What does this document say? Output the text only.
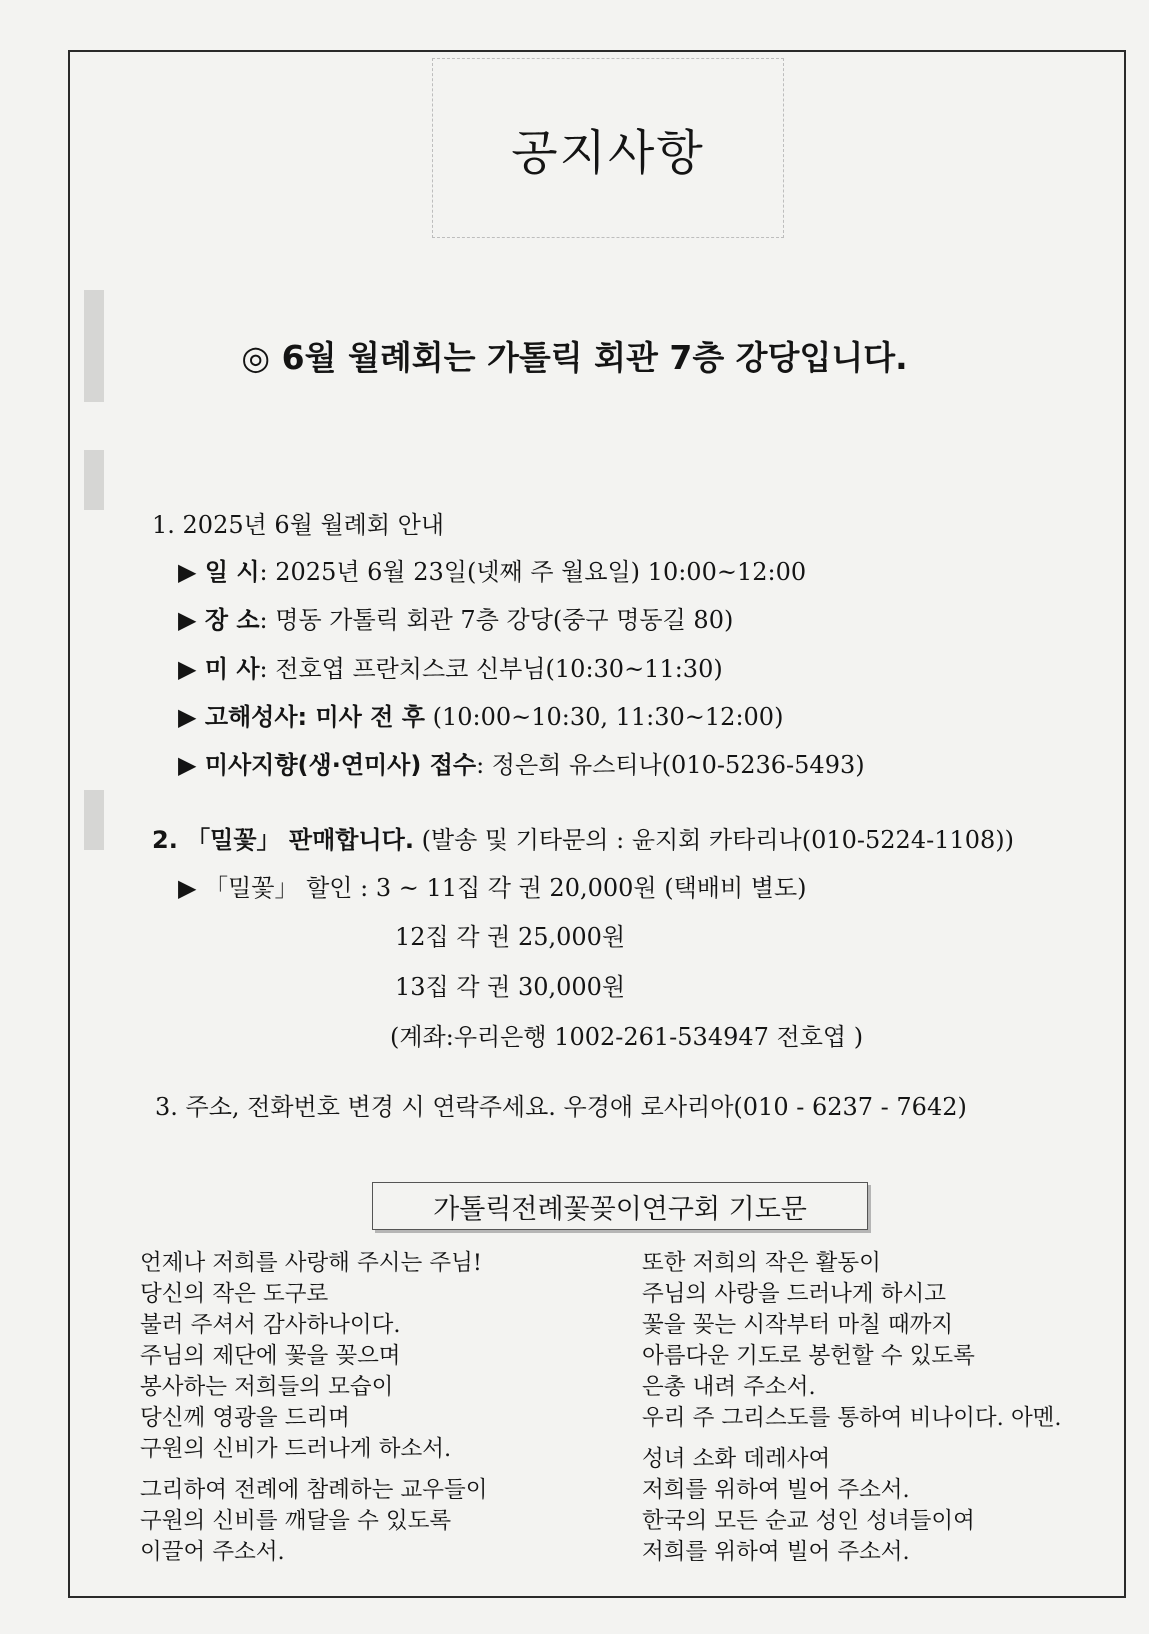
공지사항
◎ 6월 월례회는 가톨릭 회관 7층 강당입니다.
1. 2025년 6월 월례회 안내
▶ 일 시: 2025년 6월 23일(넷째 주 월요일) 10:00~12:00
▶ 장 소: 명동 가톨릭 회관 7층 강당(중구 명동길 80)
▶ 미 사: 전호엽 프란치스코 신부님(10:30~11:30)
▶ 고해성사: 미사 전 후 (10:00~10:30, 11:30~12:00)
▶ 미사지향(생·연미사) 접수: 정은희 유스티나(010-5236-5493)
2. 「밀꽃」 판매합니다. (발송 및 기타문의 : 윤지회 카타리나(010-5224-1108))
▶ 「밀꽃」 할인 : 3 ~ 11집 각 권 20,000원 (택배비 별도)
12집 각 권 25,000원
13집 각 권 30,000원
(계좌:우리은행 1002-261-534947 전호엽 )
3. 주소, 전화번호 변경 시 연락주세요. 우경애 로사리아(010 - 6237 - 7642)
가톨릭전례꽃꽂이연구회 기도문
언제나 저희를 사랑해 주시는 주님!
당신의 작은 도구로
불러 주셔서 감사하나이다.
주님의 제단에 꽃을 꽂으며
봉사하는 저희들의 모습이
당신께 영광을 드리며
구원의 신비가 드러나게 하소서.
그리하여 전례에 참례하는 교우들이
구원의 신비를 깨달을 수 있도록
이끌어 주소서.
또한 저희의 작은 활동이
주님의 사랑을 드러나게 하시고
꽃을 꽂는 시작부터 마칠 때까지
아름다운 기도로 봉헌할 수 있도록
은총 내려 주소서.
우리 주 그리스도를 통하여 비나이다. 아멘.
성녀 소화 데레사여
저희를 위하여 빌어 주소서.
한국의 모든 순교 성인 성녀들이여
저희를 위하여 빌어 주소서.
